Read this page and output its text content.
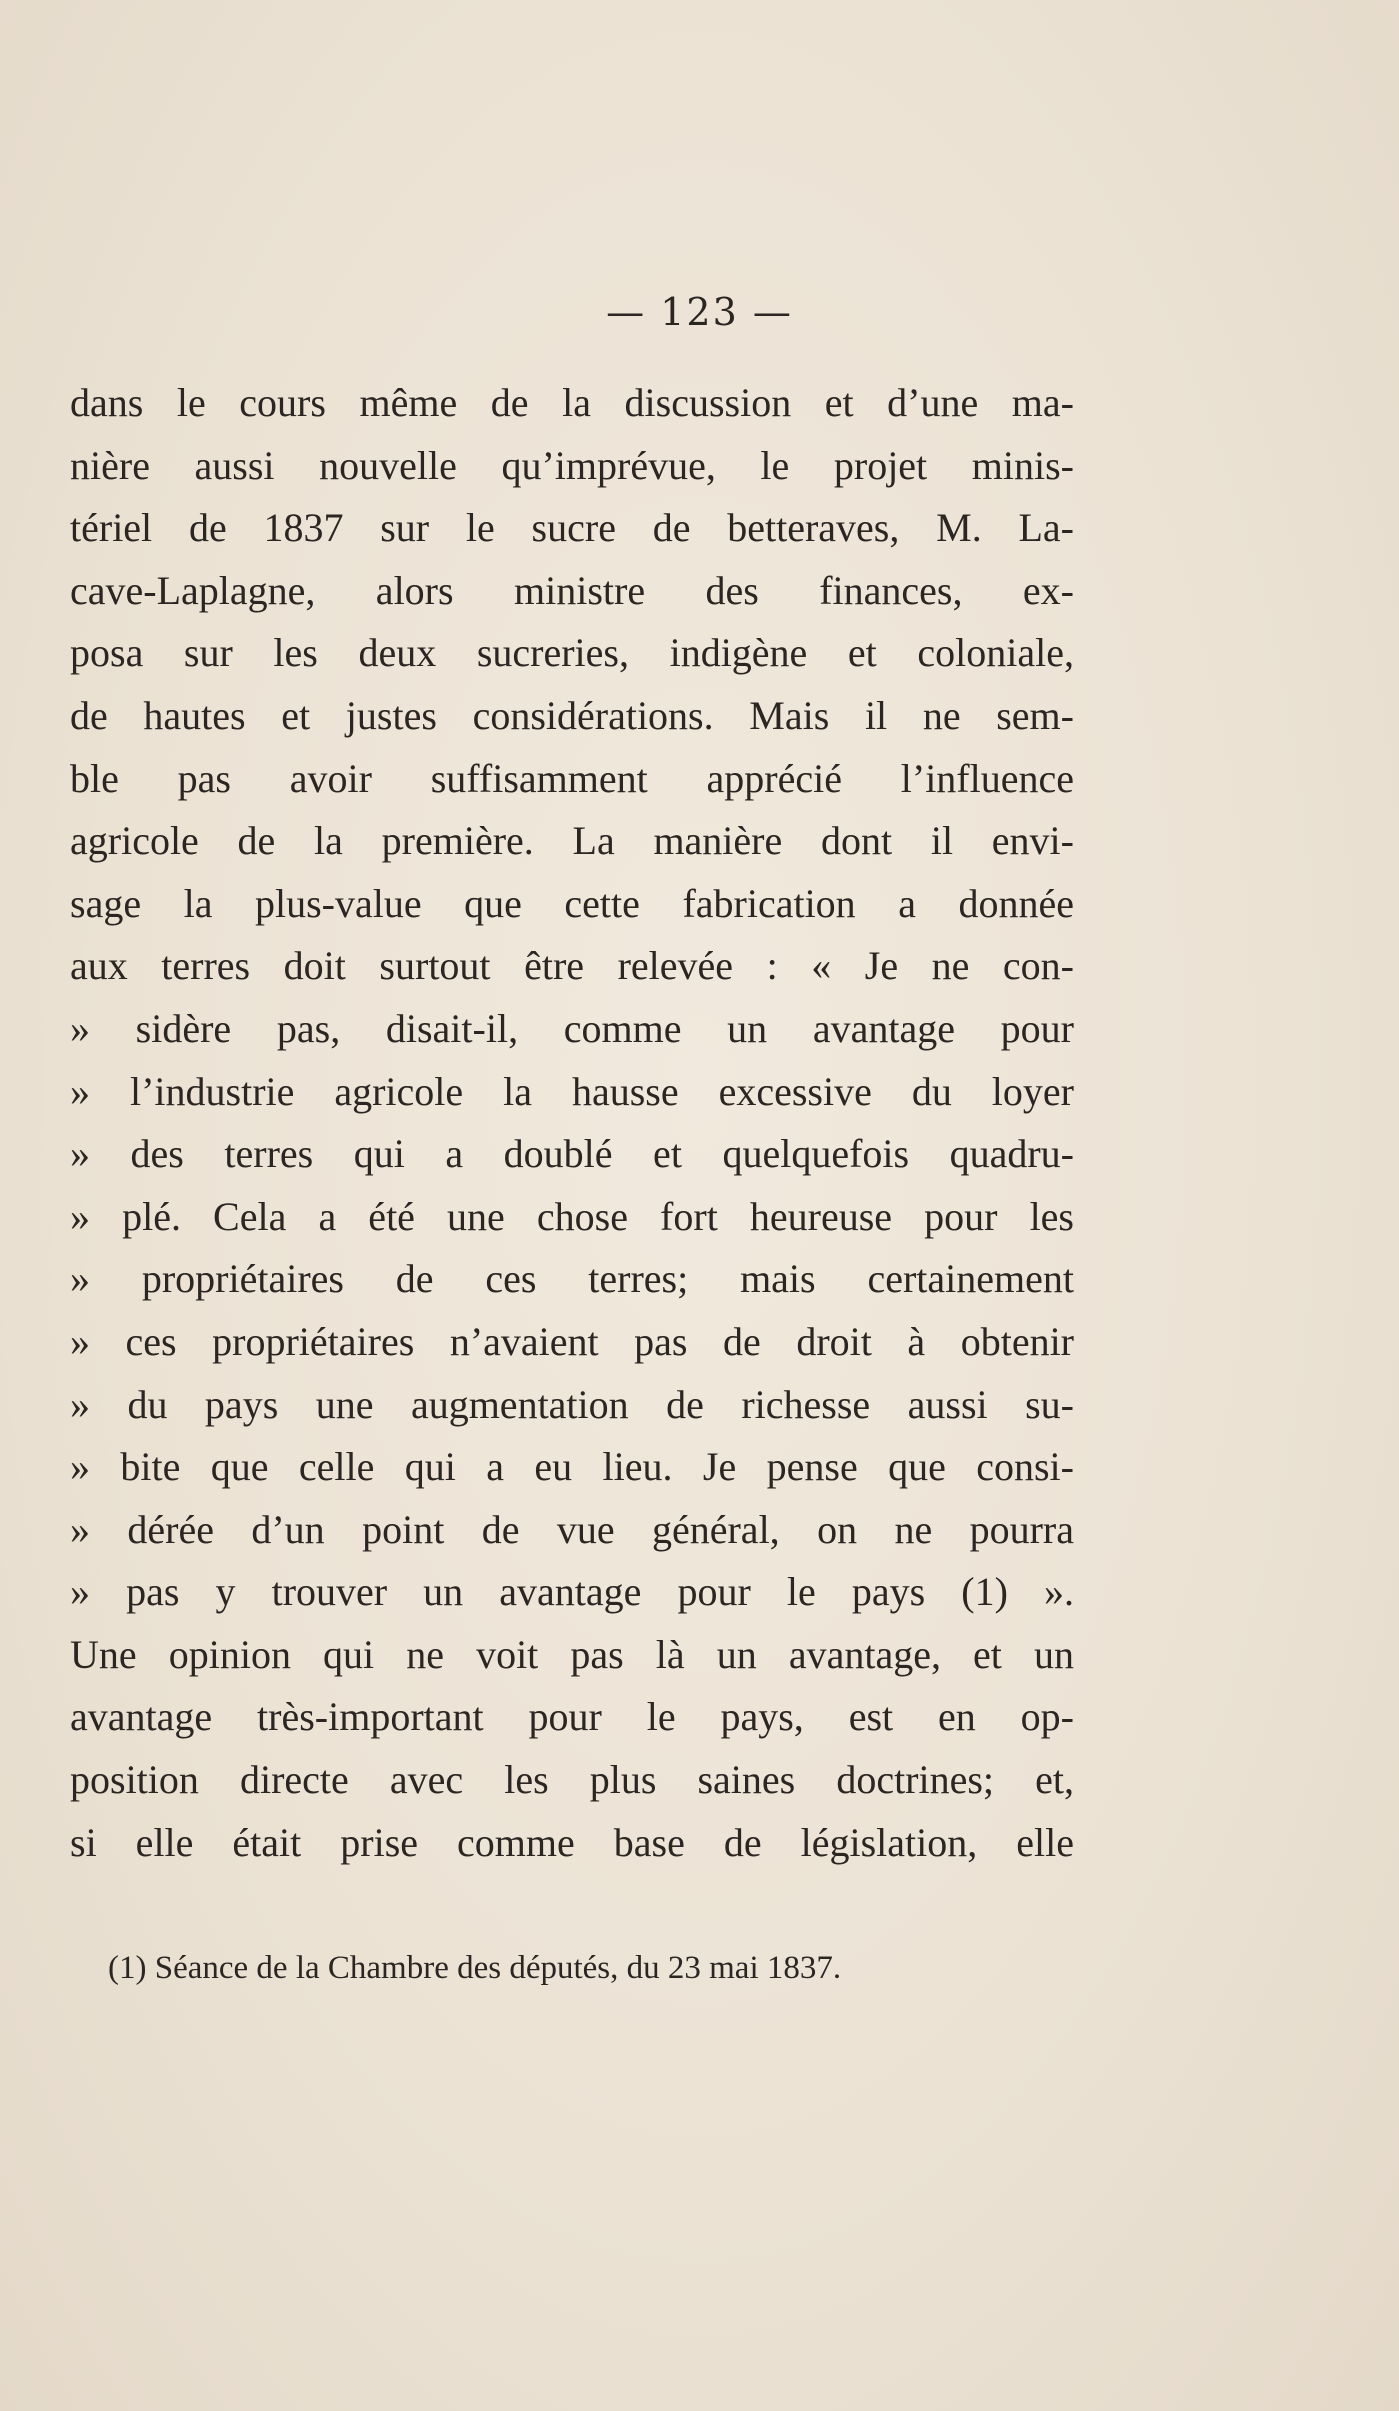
— 123 —
dans le cours même de la discussion et d’une ma-
nière aussi nouvelle qu’imprévue, le projet minis-
tériel de 1837 sur le sucre de betteraves, M. La-
cave-Laplagne, alors ministre des finances, ex-
posa sur les deux sucreries, indigène et coloniale,
de hautes et justes considérations. Mais il ne sem-
ble pas avoir suffisamment apprécié l’influence
agricole de la première. La manière dont il envi-
sage la plus-value que cette fabrication a donnée
aux terres doit surtout être relevée : « Je ne con-
» sidère pas, disait-il, comme un avantage pour
» l’industrie agricole la hausse excessive du loyer
» des terres qui a doublé et quelquefois quadru-
» plé. Cela a été une chose fort heureuse pour les
» propriétaires de ces terres; mais certainement
» ces propriétaires n’avaient pas de droit à obtenir
» du pays une augmentation de richesse aussi su-
» bite que celle qui a eu lieu. Je pense que consi-
» dérée d’un point de vue général, on ne pourra
» pas y trouver un avantage pour le pays (1) ».
Une opinion qui ne voit pas là un avantage, et un
avantage très-important pour le pays, est en op-
position directe avec les plus saines doctrines; et,
si elle était prise comme base de législation, elle
(1) Séance de la Chambre des députés, du 23 mai 1837.
